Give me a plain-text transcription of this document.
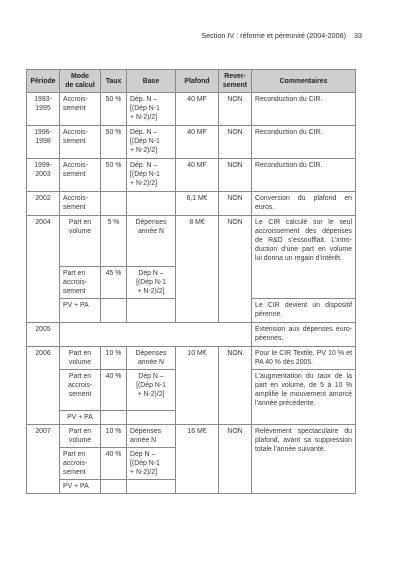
Section IV : réforme et pérennité (2004-2008) 33
Période	Mode
de calcul	Taux	Base	Plafond	Rever-
sement	Commentaires
1993-
1995	Accrois-
sement	50 %	Dép. N –
[(Dép N-1
+ N-2)/2]	40 MF	NON	Reconduction du CIR.
1996-
1998	Accrois-
sement	50 %	Dép. N –
[(Dép N-1
+ N-2)/2]	40 MF	NON	Reconduction du CIR.
1999-
2003	Accrois-
sement	50 %	Dép. N –
[(Dép N-1
+ N-2)/2]	40 MF	NON	Reconduction du CIR.
2002	Accrois-
sement			6,1 M€	NON	Conversion du plafond en euros.
2004	Part en
volume	5 %	Dépenses
année N	8 M€	NON	Le CIR calculé sur le seul accroissement des dépenses de R&D s’essoufflait. L’intro-duction d’une part en volume lui donna un regain d’intérêt.
	Part en
accrois-
sement	45 %	Dép N –
[(Dép N-1
+ N-2)/2]			
	PV + PA					Le CIR devient un dispositif pérenne.
2005						Extension aux dépenses euro-péennes.
2006	Part en
volume	10 %	Dépenses
année N	10 M€	NON	Pour le CIR Textile, PV 10 % et PA 40 % dès 2005.
	Part en
accrois-
sement	40 %	Dép N –
[(Dép N-1
+ N-2)/2]			L’augmentation du taux de la part en volume, de 5 à 10 % amplifie le mouvement amorcé l’année précédente.
	PV + PA					
2007	Part en
volume	10 %	Dépenses
année N	16 M€	NON	Relèvement spectaculaire du plafond, avant sa suppression totale l’année suivante.
	Part en
accrois-
sement	40 %	Dép N –
[(Dép N-1
+ N-2)/2]			
	PV + PA					
